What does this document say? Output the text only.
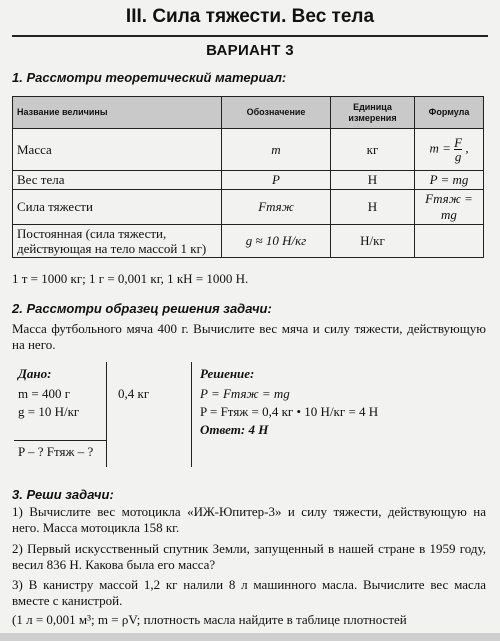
III. Сила тяжести. Вес тела
ВАРИАНТ 3
1. Рассмотри теоретический материал:
Название величины	Обозначение	Единица измерения	Формула
Масса	m	кг	$m = \frac{F}{g}$ ,
Вес тела	P	Н	P = mg
Сила тяжести	Fтяж	Н	Fтяж = mg
Постоянная (сила тяжести, действующая на тело массой 1 кг)	g ≈ 10 Н/кг	Н/кг	
1 т = 1000 кг; 1 г = 0,001 кг, 1 кН = 1000 Н.
2. Рассмотри образец решения задачи:
Масса футбольного мяча 400 г. Вычислите вес мяча и силу тяжести, действующую на него.
Дано:
m = 400 г
g = 10 Н/кг
P – ? Fтяж – ?
0,4 кг
Решение:
P = Fтяж = mg
P = Fтяж = 0,4 кг • 10 Н/кг = 4 Н
Ответ: 4 Н
3. Реши задачи:
1) Вычислите вес мотоцикла «ИЖ-Юпитер-3» и силу тяжести, действующую на него. Масса мотоцикла 158 кг.
2) Первый искусственный спутник Земли, запущенный в нашей стране в 1959 году, весил 836 Н. Какова была его масса?
3) В канистру массой 1,2 кг налили 8 л машинного масла. Вычислите вес масла вместе с канистрой.
(1 л = 0,001 м³; m = ρV; плотность масла найдите в таблице плотностей
